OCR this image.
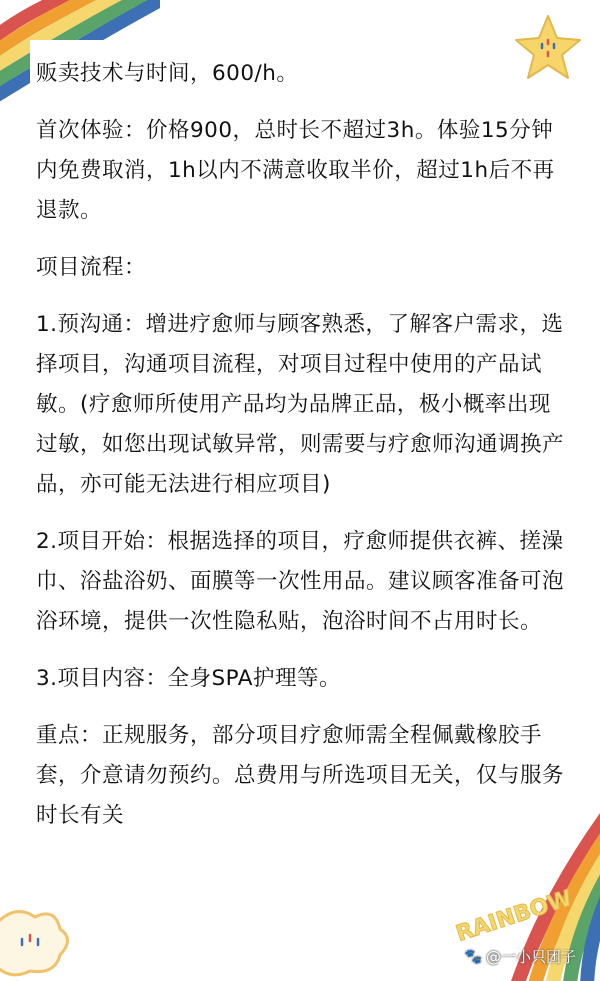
贩卖技术与时间，600/h。

首次体验：价格900，总时长不超过3h。体验15分钟内免费取消，1h以内不满意收取半价，超过1h后不再退款。

项目流程：

1.预沟通：增进疗愈师与顾客熟悉，了解客户需求，选择项目，沟通项目流程，对项目过程中使用的产品试敏。(疗愈师所使用产品均为品牌正品，极小概率出现过敏，如您出现试敏异常，则需要与疗愈师沟通调换产品，亦可能无法进行相应项目)

2.项目开始：根据选择的项目，疗愈师提供衣裤、搓澡巾、浴盐浴奶、面膜等一次性用品。建议顾客准备可泡浴环境，提供一次性隐私贴，泡浴时间不占用时长。

3.项目内容：全身SPA护理等。

重点：正规服务，部分项目疗愈师需全程佩戴橡胶手套，介意请勿预约。总费用与所选项目无关，仅与服务时长有关

RAINBOW
🐾 @一小只团子
